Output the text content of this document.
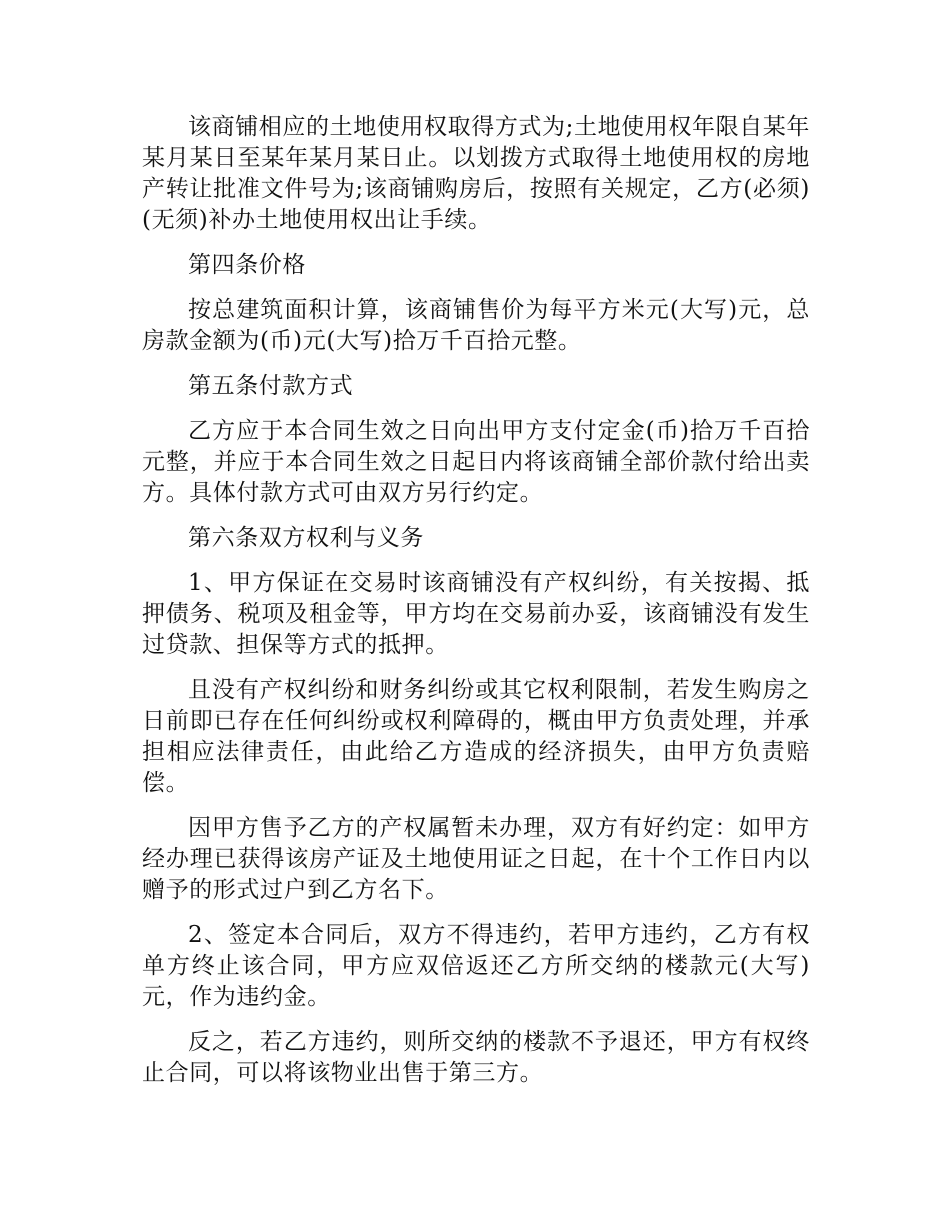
该商铺相应的土地使用权取得方式为;土地使用权年限自某年某月某日至某年某月某日止。以划拨方式取得土地使用权的房地产转让批准文件号为;该商铺购房后，按照有关规定，乙方(必须)(无须)补办土地使用权出让手续。

第四条价格

按总建筑面积计算，该商铺售价为每平方米元(大写)元，总房款金额为(币)元(大写)拾万千百拾元整。

第五条付款方式

乙方应于本合同生效之日向出甲方支付定金(币)拾万千百拾元整，并应于本合同生效之日起日内将该商铺全部价款付给出卖方。具体付款方式可由双方另行约定。

第六条双方权利与义务

1、甲方保证在交易时该商铺没有产权纠纷，有关按揭、抵押债务、税项及租金等，甲方均在交易前办妥，该商铺没有发生过贷款、担保等方式的抵押。

且没有产权纠纷和财务纠纷或其它权利限制，若发生购房之日前即已存在任何纠纷或权利障碍的，概由甲方负责处理，并承担相应法律责任，由此给乙方造成的经济损失，由甲方负责赔偿。

因甲方售予乙方的产权属暂未办理，双方有好约定：如甲方经办理已获得该房产证及土地使用证之日起，在十个工作日内以赠予的形式过户到乙方名下。

2、签定本合同后，双方不得违约，若甲方违约，乙方有权单方终止该合同，甲方应双倍返还乙方所交纳的楼款元(大写)元，作为违约金。

反之，若乙方违约，则所交纳的楼款不予退还，甲方有权终止合同，可以将该物业出售于第三方。
